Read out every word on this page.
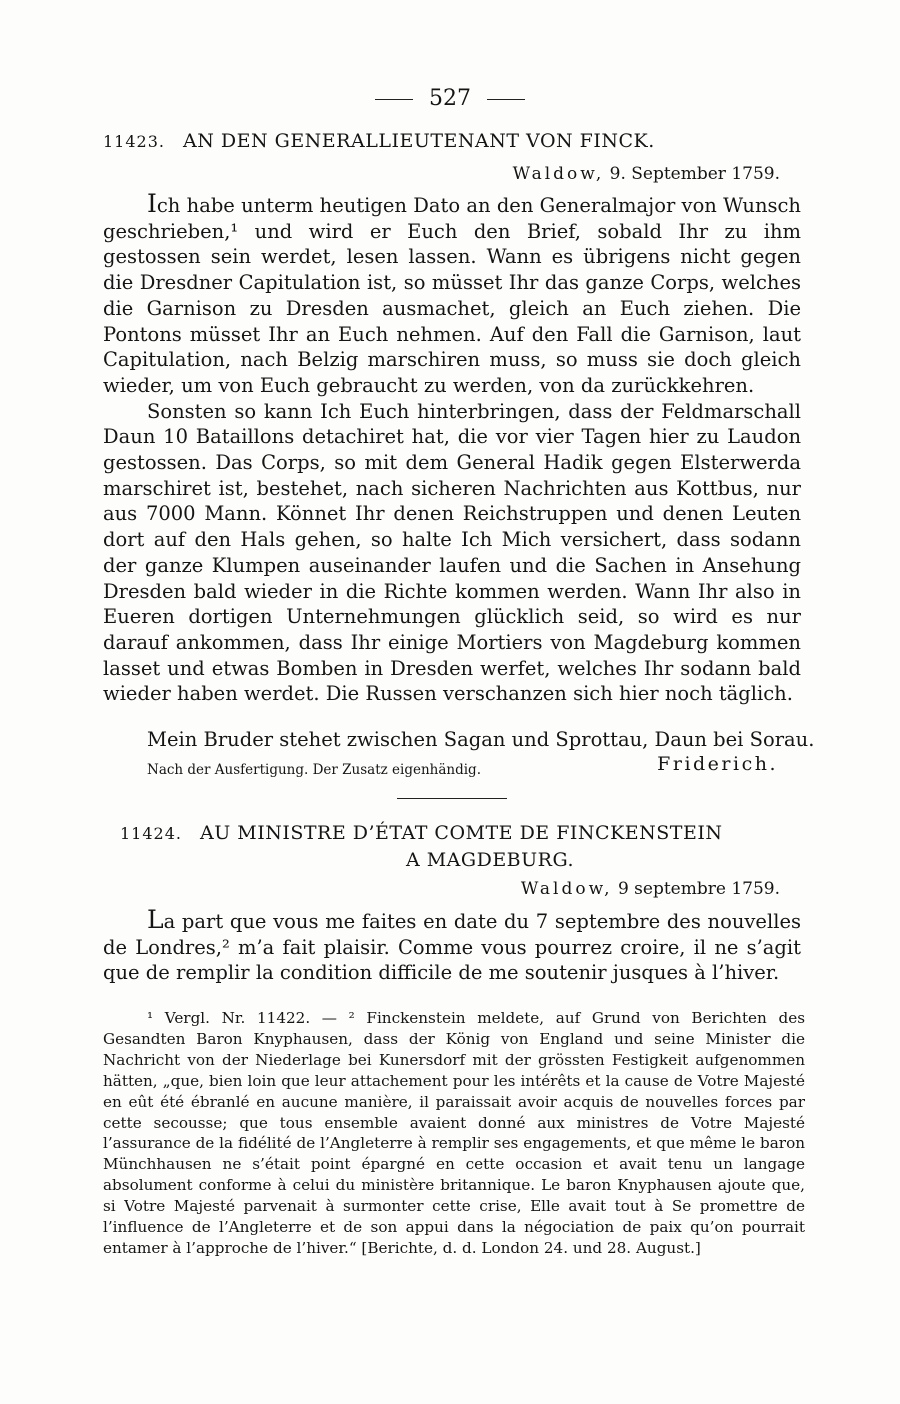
527
11423. AN DEN GENERALLIEUTENANT VON FINCK.
Waldow, 9. September 1759.

Ich habe unterm heutigen Dato an den Generalmajor von Wunsch geschrieben,¹ und wird er Euch den Brief, sobald Ihr zu ihm gestossen sein werdet, lesen lassen. Wann es übrigens nicht gegen die Dresdner Capitulation ist, so müsset Ihr das ganze Corps, welches die Garnison zu Dresden ausmachet, gleich an Euch ziehen. Die Pontons müsset Ihr an Euch nehmen. Auf den Fall die Garnison, laut Capitulation, nach Belzig marschiren muss, so muss sie doch gleich wieder, um von Euch gebraucht zu werden, von da zurückkehren.

Sonsten so kann Ich Euch hinterbringen, dass der Feldmarschall Daun 10 Bataillons detachiret hat, die vor vier Tagen hier zu Laudon gestossen. Das Corps, so mit dem General Hadik gegen Elsterwerda marschiret ist, bestehet, nach sicheren Nachrichten aus Kottbus, nur aus 7000 Mann. Könnet Ihr denen Reichstruppen und denen Leuten dort auf den Hals gehen, so halte Ich Mich versichert, dass sodann der ganze Klumpen auseinander laufen und die Sachen in Ansehung Dresden bald wieder in die Richte kommen werden. Wann Ihr also in Eueren dortigen Unternehmungen glücklich seid, so wird es nur darauf ankommen, dass Ihr einige Mortiers von Magdeburg kommen lasset und etwas Bomben in Dresden werfet, welches Ihr sodann bald wieder haben werdet. Die Russen verschanzen sich hier noch täglich.

Mein Bruder stehet zwischen Sagan und Sprottau, Daun bei Sorau.
Nach der Ausfertigung. Der Zusatz eigenhändig.	Friderich.
11424. AU MINISTRE D’ÉTAT COMTE DE FINCKENSTEIN
A MAGDEBURG.
Waldow, 9 septembre 1759.

La part que vous me faites en date du 7 septembre des nouvelles de Londres,² m’a fait plaisir. Comme vous pourrez croire, il ne s’agit que de remplir la condition difficile de me soutenir jusques à l’hiver.

¹ Vergl. Nr. 11422. — ² Finckenstein meldete, auf Grund von Berichten des Gesandten Baron Knyphausen, dass der König von England und seine Minister die Nachricht von der Niederlage bei Kunersdorf mit der grössten Festigkeit aufgenommen hätten, „que, bien loin que leur attachement pour les intérêts et la cause de Votre Majesté en eût été ébranlé en aucune manière, il paraissait avoir acquis de nouvelles forces par cette secousse; que tous ensemble avaient donné aux ministres de Votre Majesté l’assurance de la fidélité de l’Angleterre à remplir ses engagements, et que même le baron Münchhausen ne s’était point épargné en cette occasion et avait tenu un langage absolument conforme à celui du ministère britannique. Le baron Knyphausen ajoute que, si Votre Majesté parvenait à surmonter cette crise, Elle avait tout à Se promettre de l’influence de l’Angleterre et de son appui dans la négociation de paix qu’on pourrait entamer à l’approche de l’hiver.“ [Berichte, d. d. London 24. und 28. August.]
